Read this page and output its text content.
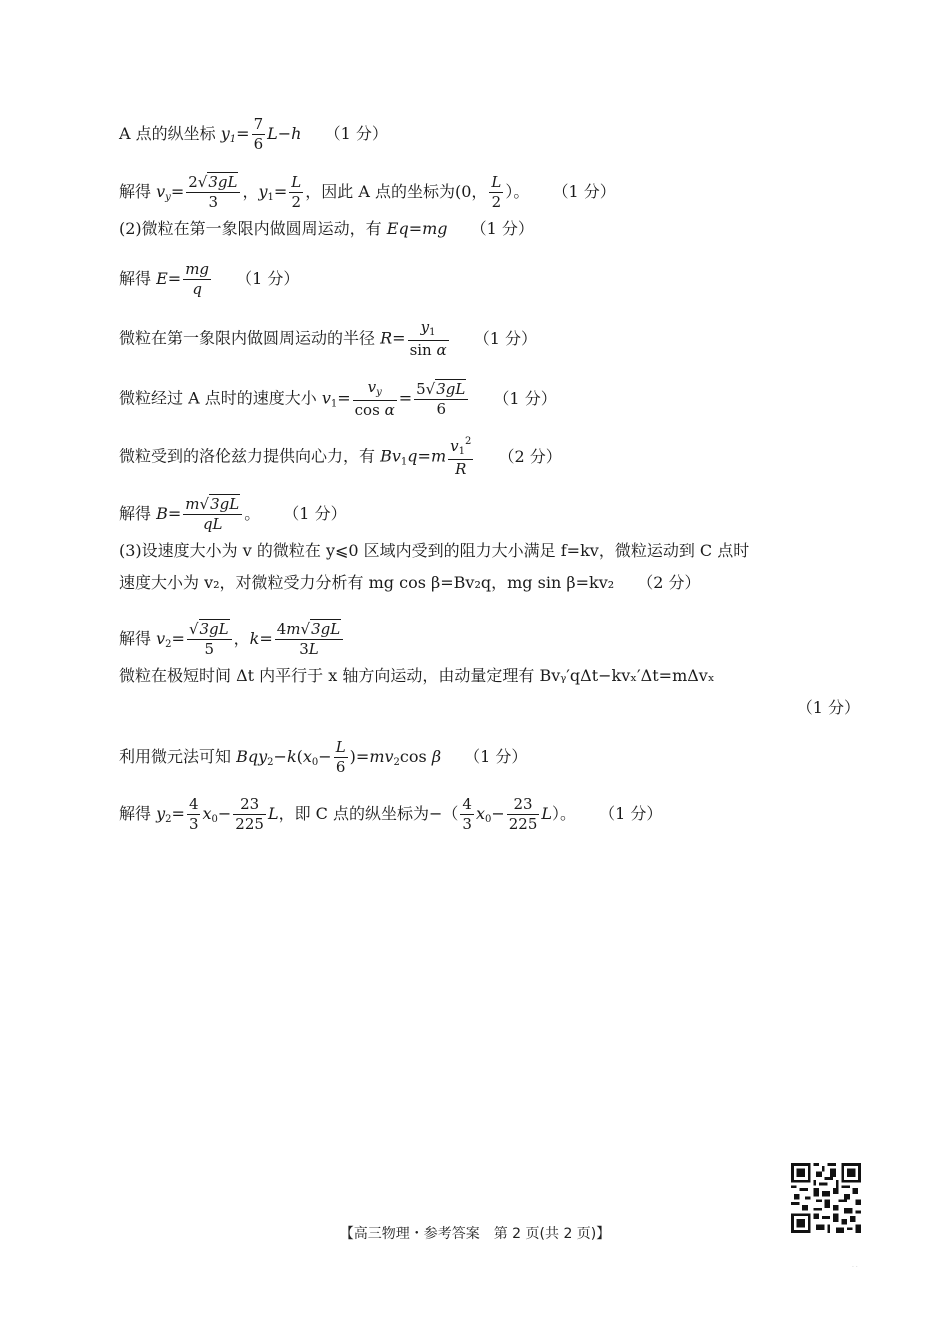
A 点的纵坐标 $y_1= \frac{7}{6} L-h$ （1 分）
解得 $v_y= \frac{2√3gL}{3}$ ，$y_1= \frac{L}{2}$ ，因此 A 点的坐标为(0， $\frac{L}{2}$ ）。 （1 分）
(2)微粒在第一象限内做圆周运动，有 Eq=mg （1 分）
解得 $E= \frac{mg}{q} (1$ 分）
微粒在第一象限内做圆周运动的半径 $R= \frac{y_1}{\text{sin α}} (1$ 分）
微粒经过 A 点时的速度大小 $v_1= \frac{v_y}{\text{cos α}} = \frac{5√3gL}{6} (1$ 分）
微粒受到的洛伦兹力提供向心力，有 $Bv_1q=m \frac{v_1^2}{R} (2$ 分）
解得 $B= \frac{m√3gL}{qL}$ 。 （1 分）
(3)设速度大小为 v 的微粒在 y⩽0 区域内受到的阻力大小满足 f=kv，微粒运动到 C 点时
速度大小为 v₂，对微粒受力分析有 mg cos β=Bv₂q，mg sin β=kv₂ （2 分）
解得 $v_2= \frac{√3gL}{5}$ ，$k= \frac{4m√3gL}{3L}$
微粒在极短时间 Δt 内平行于 x 轴方向运动，由动量定理有 Bvᵧ′qΔt−kvₓ′Δt=mΔvₓ
（1 分）
利用微元法可知 $Bqy_2-k(x_0- \frac{L}{6} )=mv_2\cos$ β （1 分）
解得 $y_2= \frac{4}{3} x_0- \frac{23}{225}$ L，即 C 点的纵坐标为−（ $\frac{4}{3} x_0- \frac{23}{225} L$）。 （1 分）
【高三物理・参考答案　第 2 页(共 2 页)】
· ·
